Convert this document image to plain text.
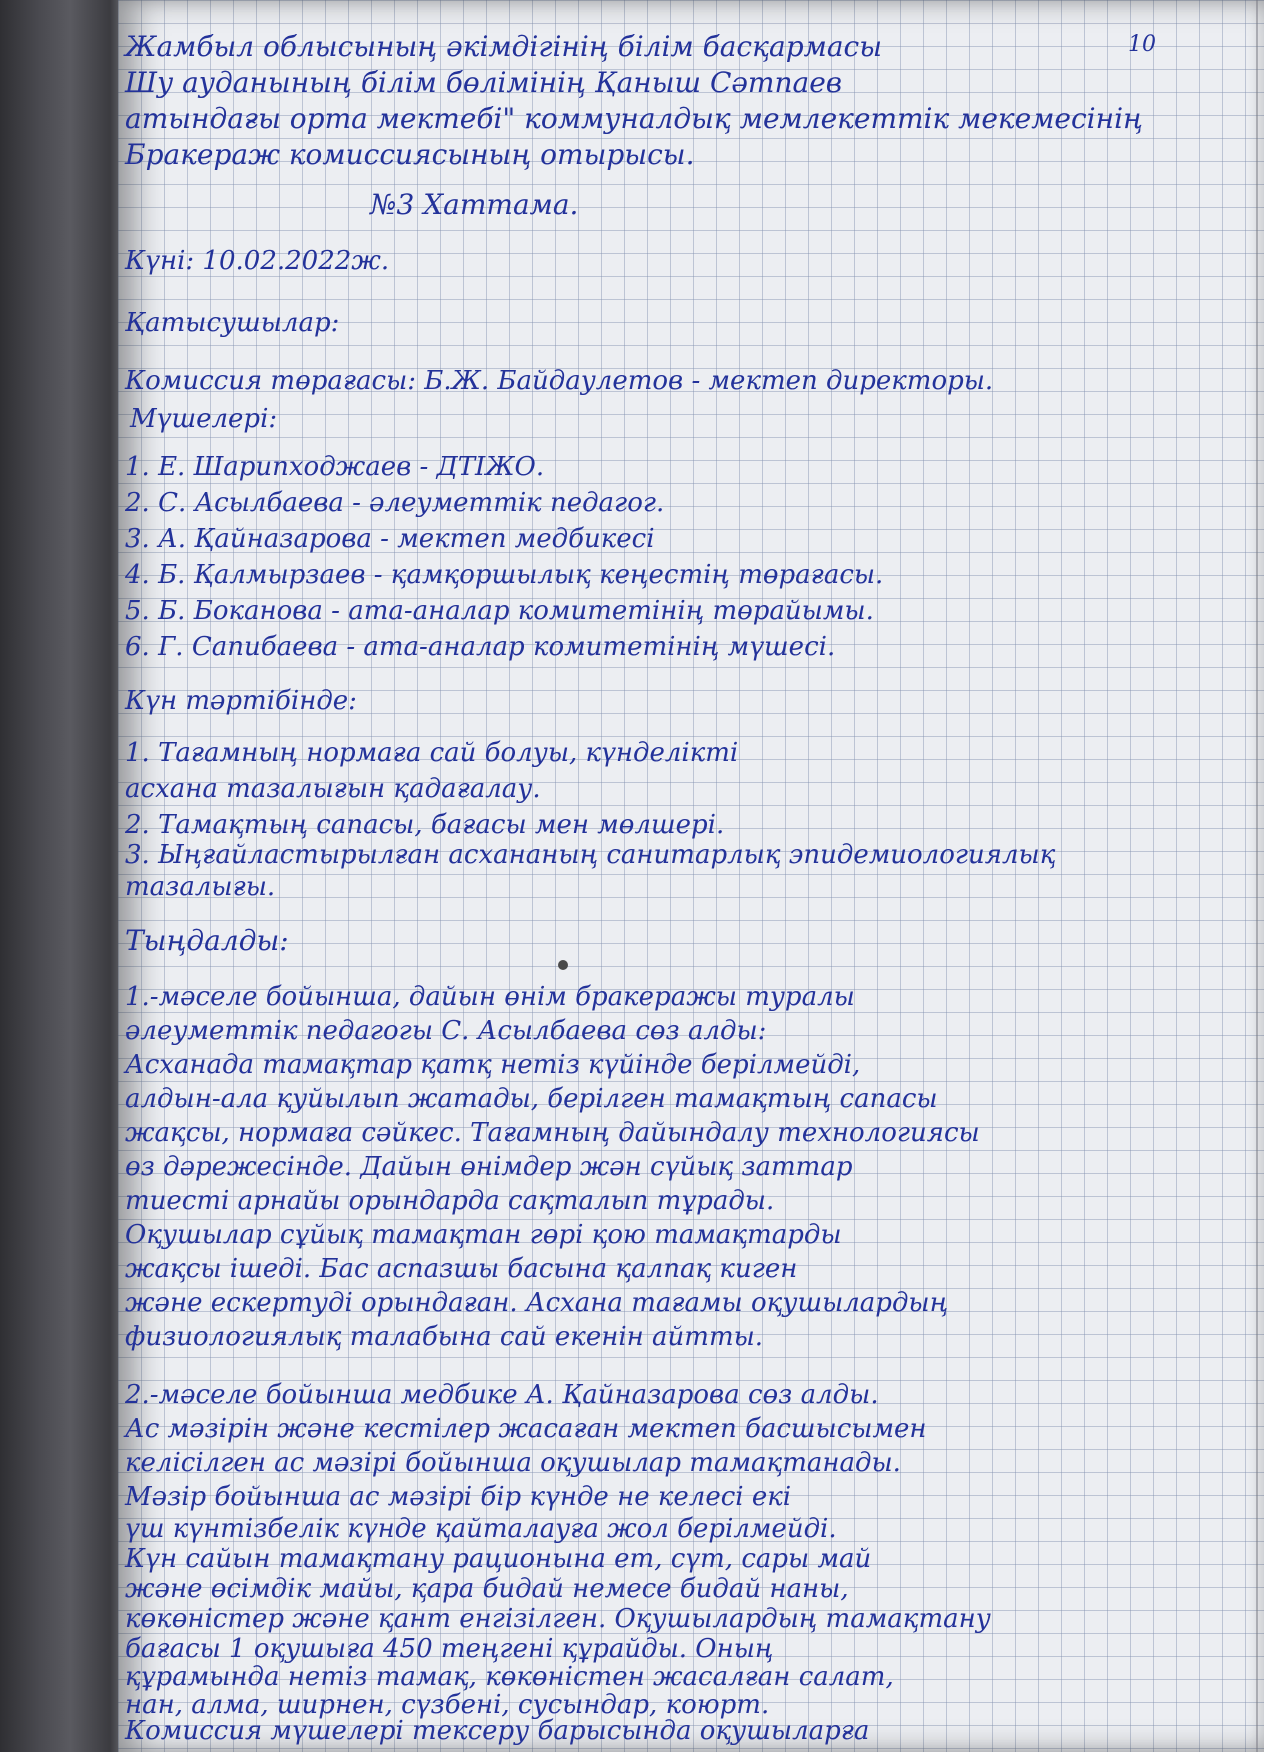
10
Жамбыл облысының әкімдігінің білім басқармасы
Шу ауданының білім бөлімінің Қаныш Сәтпаев
атындағы орта мектебі" коммуналдық мемлекеттік мекемесінің
Бракераж комиссиясының отырысы.
№3 Хаттама.
Күні: 10.02.2022ж.
Қатысушылар:
Комиссия төрағасы: Б.Ж. Байдаулетов - мектеп директоры.
Мүшелері:
1. Е. Шарипходжаев - ДТІЖО.
2. С. Асылбаева - әлеуметтік педагог.
3. А. Қайназарова - мектеп медбикесі
4. Б. Қалмырзаев - қамқоршылық кеңестің төрағасы.
5. Б. Боканова - ата-аналар комитетінің төрайымы.
6. Г. Сапибаева - ата-аналар комитетінің мүшесі.
Күн тәртібінде:
1. Тағамның нормаға сай болуы, күнделікті
асхана тазалығын қадағалау.
2. Тамақтың сапасы, бағасы мен мөлшері.
3. Ыңғайластырылған асхананың санитарлық эпидемиологиялық
тазалығы.
Тыңдалды:
1.-мәселе бойынша, дайын өнім бракеражы туралы
әлеуметтік педагогы С. Асылбаева сөз алды:
Асханада тамақтар қатқ нетіз күйінде берілмейді,
алдын-ала қуйылып жатады, берілген тамақтың сапасы
жақсы, нормаға сәйкес. Тағамның дайындалу технологиясы
өз дәрежесінде. Дайын өнімдер жән сүйық заттар
тиесті арнайы орындарда сақталып тұрады.
Оқушылар сұйық тамақтан гөрі қою тамақтарды
жақсы ішеді. Бас аспазшы басына қалпақ киген
және ескертуді орындаған. Асхана тағамы оқушылардың
физиологиялық талабына сай екенін айтты.
2.-мәселе бойынша медбике А. Қайназарова сөз алды.
Ас мәзірін және кестілер жасаған мектеп басшысымен
келісілген ас мәзірі бойынша оқушылар тамақтанады.
Мәзір бойынша ас мәзірі бір күнде не келесі екі
үш күнтізбелік күнде қайталауға жол берілмейді.
Күн сайын тамақтану рационына ет, сүт, сары май
және өсімдік майы, қара бидай немесе бидай наны,
көкөністер және қант енгізілген. Оқушылардың тамақтану
бағасы 1 оқушыға 450 теңгені құрайды. Оның
құрамында нетіз тамақ, көкөністен жасалған салат,
нан, алма, ширнен, сүзбені, сусындар, коюрт.
Комиссия мүшелері тексеру барысында оқушыларға
